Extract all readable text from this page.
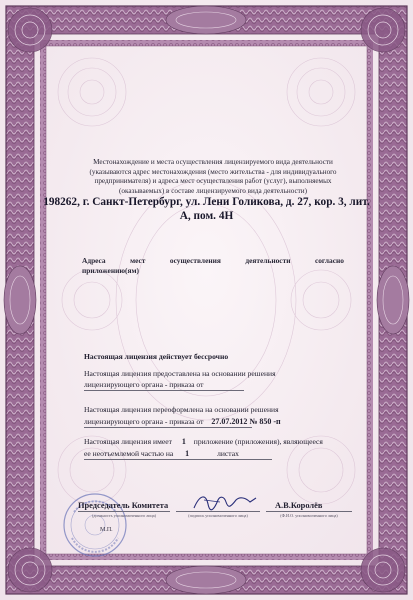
Местонахождение и места осуществления лицензируемого вида деятельности (указываются адрес местонахождения (место жительства - для индивидуального предпринимателя) и адреса мест осуществления работ (услуг), выполняемых (оказываемых) в составе лицензируемого вида деятельности)
198262, г. Санкт-Петербург, ул. Лени Голикова, д. 27, кор. 3, лит. А, пом. 4Н
Адреса мест осуществления деятельности согласно
приложению(ям)
Настоящая лицензия действует бессрочно
Настоящая лицензия предоставлена на основании решения
лицензирующего органа - приказа от
Настоящая лицензия переоформлена на основании решения
лицензирующего органа - приказа от 27.07.2012 № 850 -п
Настоящая лицензия имеет 1 приложение (приложения), являющееся
ее неотъемлемой частью на 1	листах
Председатель Комитета
(должность уполномоченного лица)	(подпись уполномоченного лица)
А.В.Королёв
(Ф.И.О. уполномоченного лица)
М.П.
